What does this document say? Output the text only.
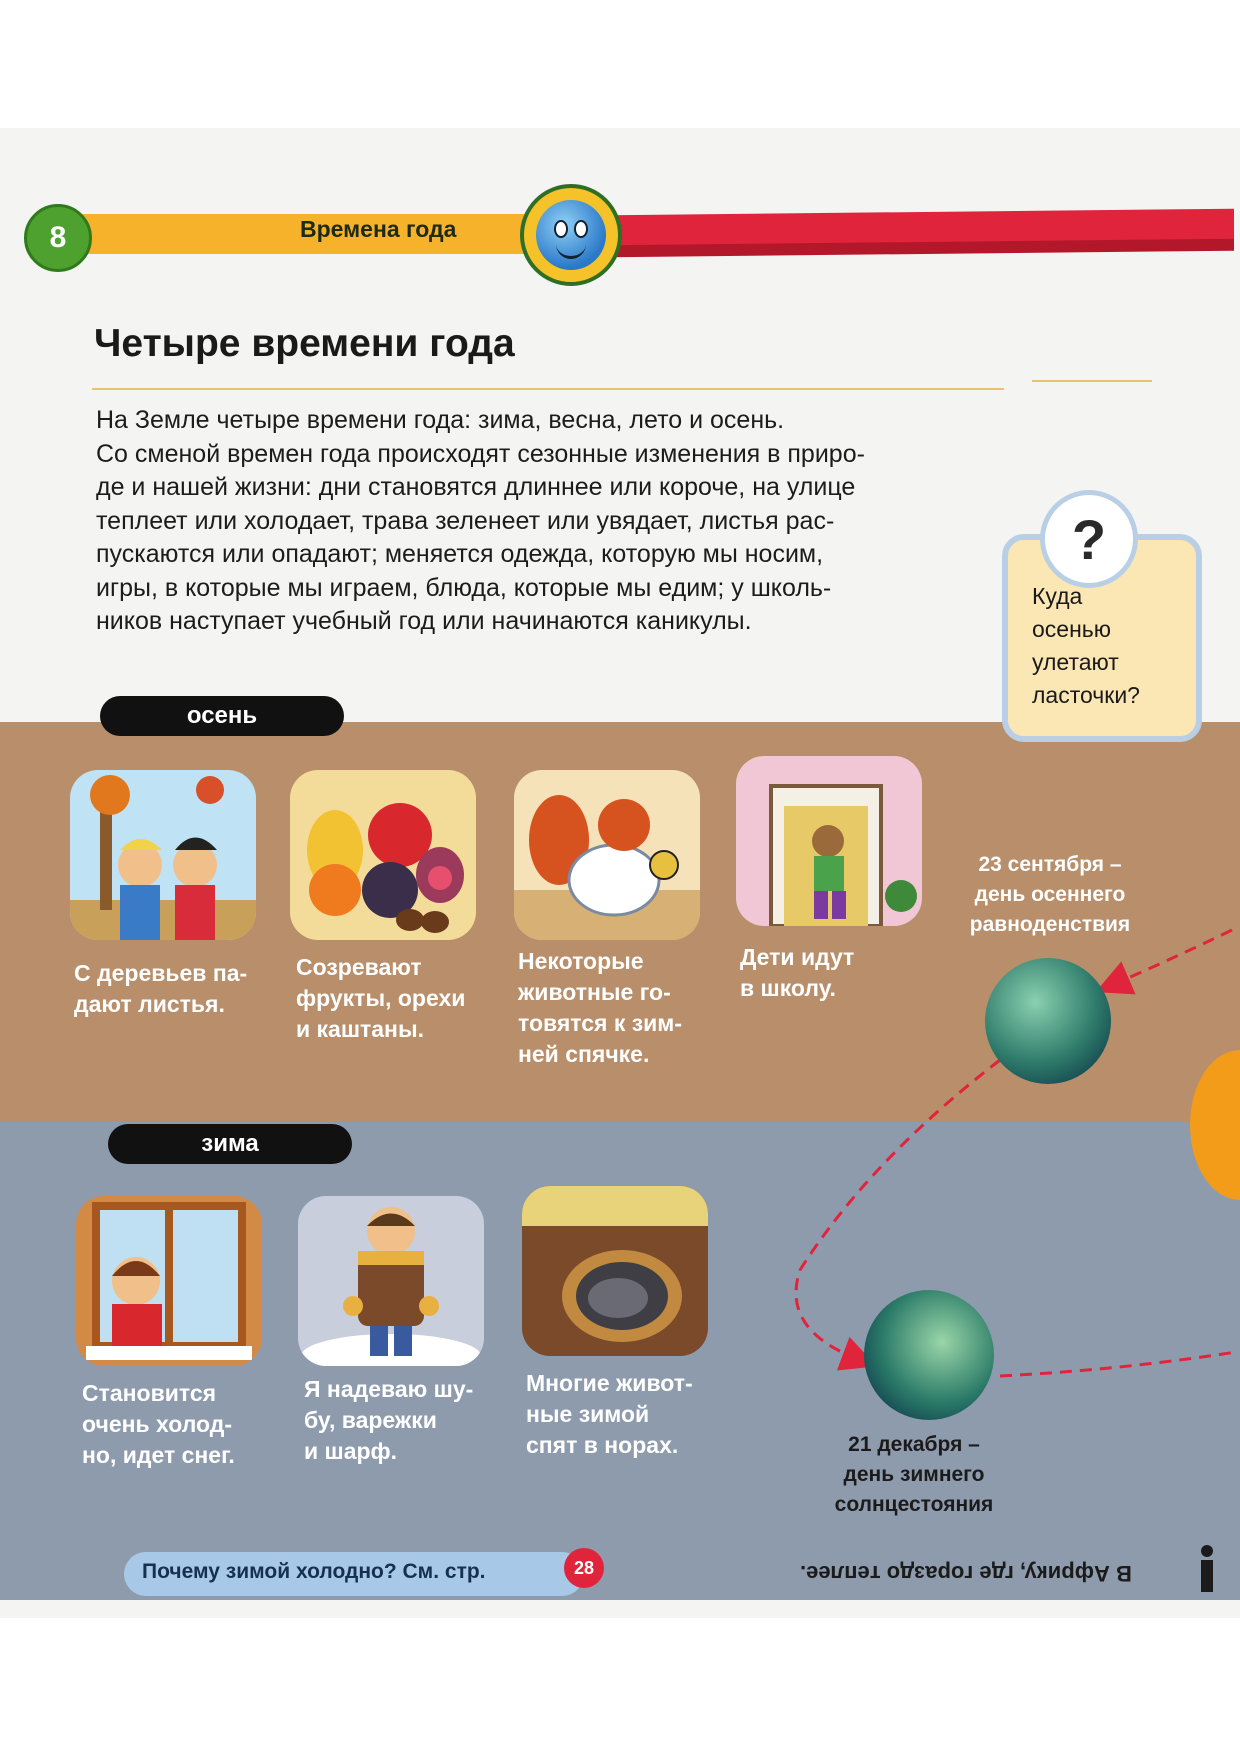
8	Времена года
Четыре времени года
На Земле четыре времени года: зима, весна, лето и осень.
Со сменой времен года происходят сезонные изменения в приро-
де и нашей жизни: дни становятся длиннее или короче, на улице
теплеет или холодает, трава зеленеет или увядает, листья рас-
пускаются или опадают; меняется одежда, которую мы носим,
игры, в которые мы играем, блюда, которые мы едим; у школь-
ников наступает учебный год или начинаются каникулы.
?
Куда
осенью
улетают
ласточки?
осень
С деревьев па-
дают листья.
Созревают
фрукты, орехи
и каштаны.
Некоторые
животные го-
товятся к зим-
ней спячке.
Дети идут
в школу.
23 сентября –
день осеннего
равноденствия
зима
Становится
очень холод-
но, идет снег.
Я надеваю шу-
бу, варежки
и шарф.
Многие живот-
ные зимой
спят в норах.	21 декабря –
день зимнего
солнцестояния
Почему зимой холодно? См. стр.	28	В Африку, где гораздо теплее.
